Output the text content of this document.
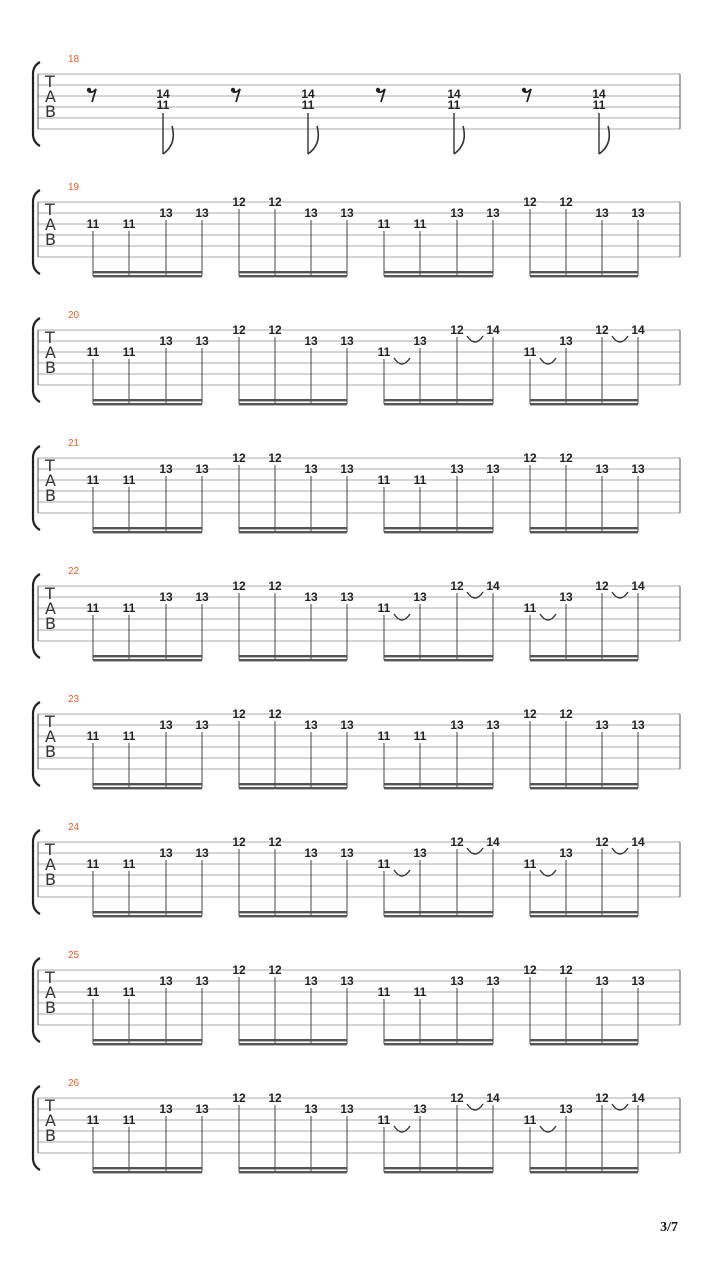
T
A
B
18
14
11
14
11
14
11
14
11
T
A
B
19
11 11
13 13
12 12
13 13
11 11
13 13
12 12
13 13
T
A
B
20
11 11
13 13
12 12
13 13
11
13
12 14
11
13
12 14
T
A
B
21
11 11
13 13
12 12
13 13
11 11
13 13
12 12
13 13
T
A
B
22
11 11
13 13
12 12
13 13
11
13
12 14
11
13
12 14
T
A
B
23
11 11
13 13
12 12
13 13
11 11
13 13
12 12
13 13
T
A
B
24
11 11
13 13
12 12
13 13
11
13
12 14
11
13
12 14
T
A
B
25
11 11
13 13
12 12
13 13
11 11
13 13
12 12
13 13
T
A
B
26
11 11
13 13
12 12
13 13
11
13
12 14
11
13
12 14
3/7
